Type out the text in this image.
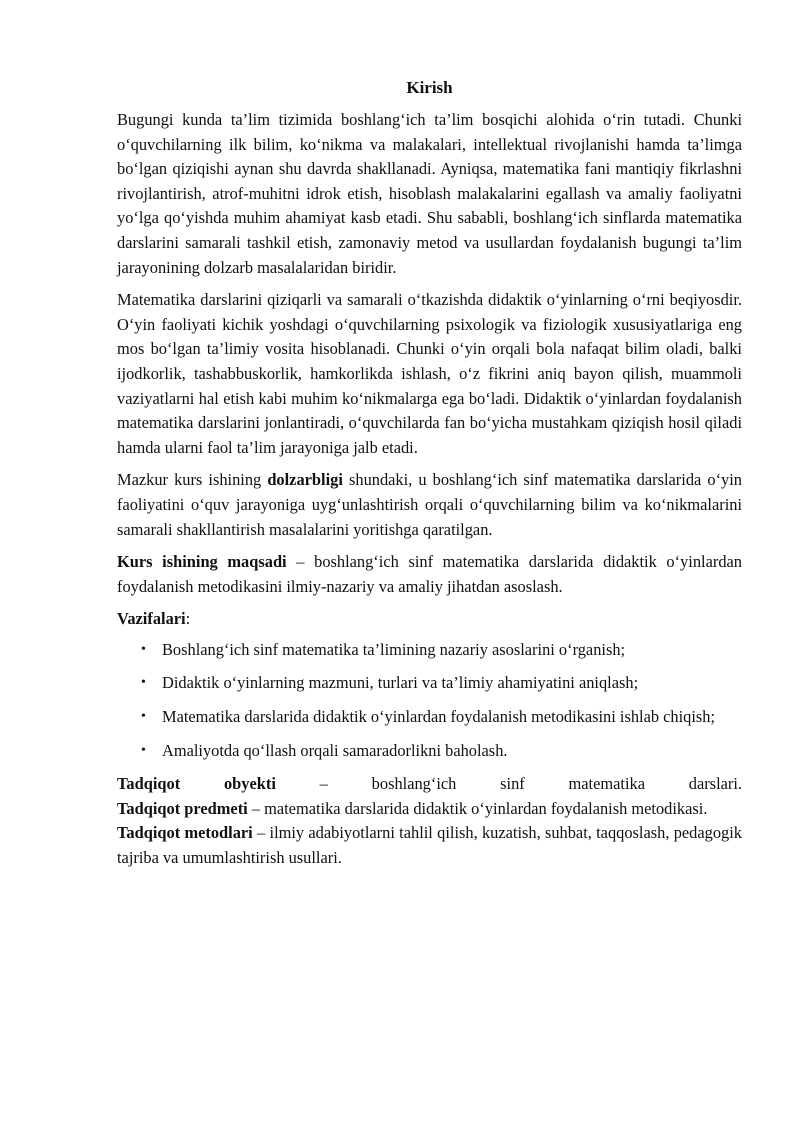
Kirish

Bugungi kunda ta’lim tizimida boshlang‘ich ta’lim bosqichi alohida o‘rin tutadi. Chunki o‘quvchilarning ilk bilim, ko‘nikma va malakalari, intellektual rivojlanishi hamda ta’limga bo‘lgan qiziqishi aynan shu davrda shakllanadi. Ayniqsa, matematika fani mantiqiy fikrlashni rivojlantirish, atrof-muhitni idrok etish, hisoblash malakalarini egallash va amaliy faoliyatni yo‘lga qo‘yishda muhim ahamiyat kasb etadi. Shu sababli, boshlang‘ich sinflarda matematika darslarini samarali tashkil etish, zamonaviy metod va usullardan foydalanish bugungi ta’lim jarayonining dolzarb masalalaridan biridir.

Matematika darslarini qiziqarli va samarali o‘tkazishda didaktik o‘yinlarning o‘rni beqiyosdir. O‘yin faoliyati kichik yoshdagi o‘quvchilarning psixologik va fiziologik xususiyatlariga eng mos bo‘lgan ta’limiy vosita hisoblanadi. Chunki o‘yin orqali bola nafaqat bilim oladi, balki ijodkorlik, tashabbuskorlik, hamkorlikda ishlash, o‘z fikrini aniq bayon qilish, muammoli vaziyatlarni hal etish kabi muhim ko‘nikmalarga ega bo‘ladi. Didaktik o‘yinlardan foydalanish matematika darslarini jonlantiradi, o‘quvchilarda fan bo‘yicha mustahkam qiziqish hosil qiladi hamda ularni faol ta’lim jarayoniga jalb etadi.

Mazkur kurs ishining dolzarbligi shundaki, u boshlang‘ich sinf matematika darslarida o‘yin faoliyatini o‘quv jarayoniga uyg‘unlashtirish orqali o‘quvchilarning bilim va ko‘nikmalarini samarali shakllantirish masalalarini yoritishga qaratilgan.

Kurs ishining maqsadi – boshlang‘ich sinf matematika darslarida didaktik o‘yinlardan foydalanish metodikasini ilmiy-nazariy va amaliy jihatdan asoslash.

Vazifalari:

• Boshlang‘ich sinf matematika ta’limining nazariy asoslarini o‘rganish;
• Didaktik o‘yinlarning mazmuni, turlari va ta’limiy ahamiyatini aniqlash;
• Matematika darslarida didaktik o‘yinlardan foydalanish metodikasini ishlab chiqish;
• Amaliyotda qo‘llash orqali samaradorlikni baholash.

Tadqiqot obyekti – boshlang‘ich sinf matematika darslari.

Tadqiqot predmeti – matematika darslarida didaktik o‘yinlardan foydalanish metodikasi.

Tadqiqot metodlari – ilmiy adabiyotlarni tahlil qilish, kuzatish, suhbat, taqqoslash, pedagogik tajriba va umumlashtirish usullari.
